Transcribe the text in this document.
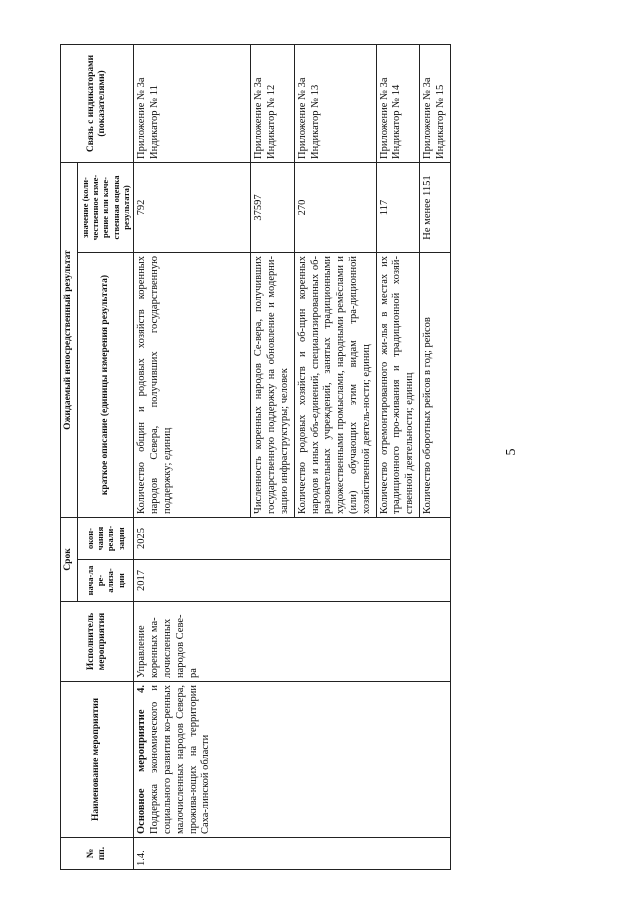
5
№ пп.	Наименование мероприятия	Исполнитель мероприятия	Срок		Ожидаемый непосредственный результат		Связь с индикаторами (показателями)
			нача-ла ре-ализа-ции	окон-чания реали-зации	краткое описание (единицы измерения результата)	значение (коли-чественное изме-рение или каче-ственная оценка результата)	
1.4.	Основное мероприятие 4. Поддержка экономического и социального развития ко-ренных малочисленных народов Севера, прожива-ющих на территории Саха-линской области	Управление коренных ма-лочисленных народов Севе-ра	2017	2025	Количество общин и родовых хозяйств коренных народов Севера, получивших государственную поддержку; единиц	792	Приложение № 3а Индикатор № 11
					Численность коренных народов Се-вера, получивших государственную поддержку на обновление и модерни-зацию инфраструктуры; человек	37597	Приложение № 3а Индикатор № 12
					Количество родовых хозяйств и об-щин коренных народов и иных объ-единений, специализированных об-разовательных учреждений, занятых традиционными художественными промыслами, народными ремёслами и (или) обучающих этим видам тра-диционной хозяйственной деятель-ности; единиц	270	Приложение № 3а Индикатор № 13
					Количество отремонтированного жи-лья в местах их традиционного про-живания и традиционной хозяй-ственной деятельности; единиц	117	Приложение № 3а Индикатор № 14
					Количество оборотных рейсов в год; рейсов	Не менее 1151	Приложение № 3а Индикатор № 15
